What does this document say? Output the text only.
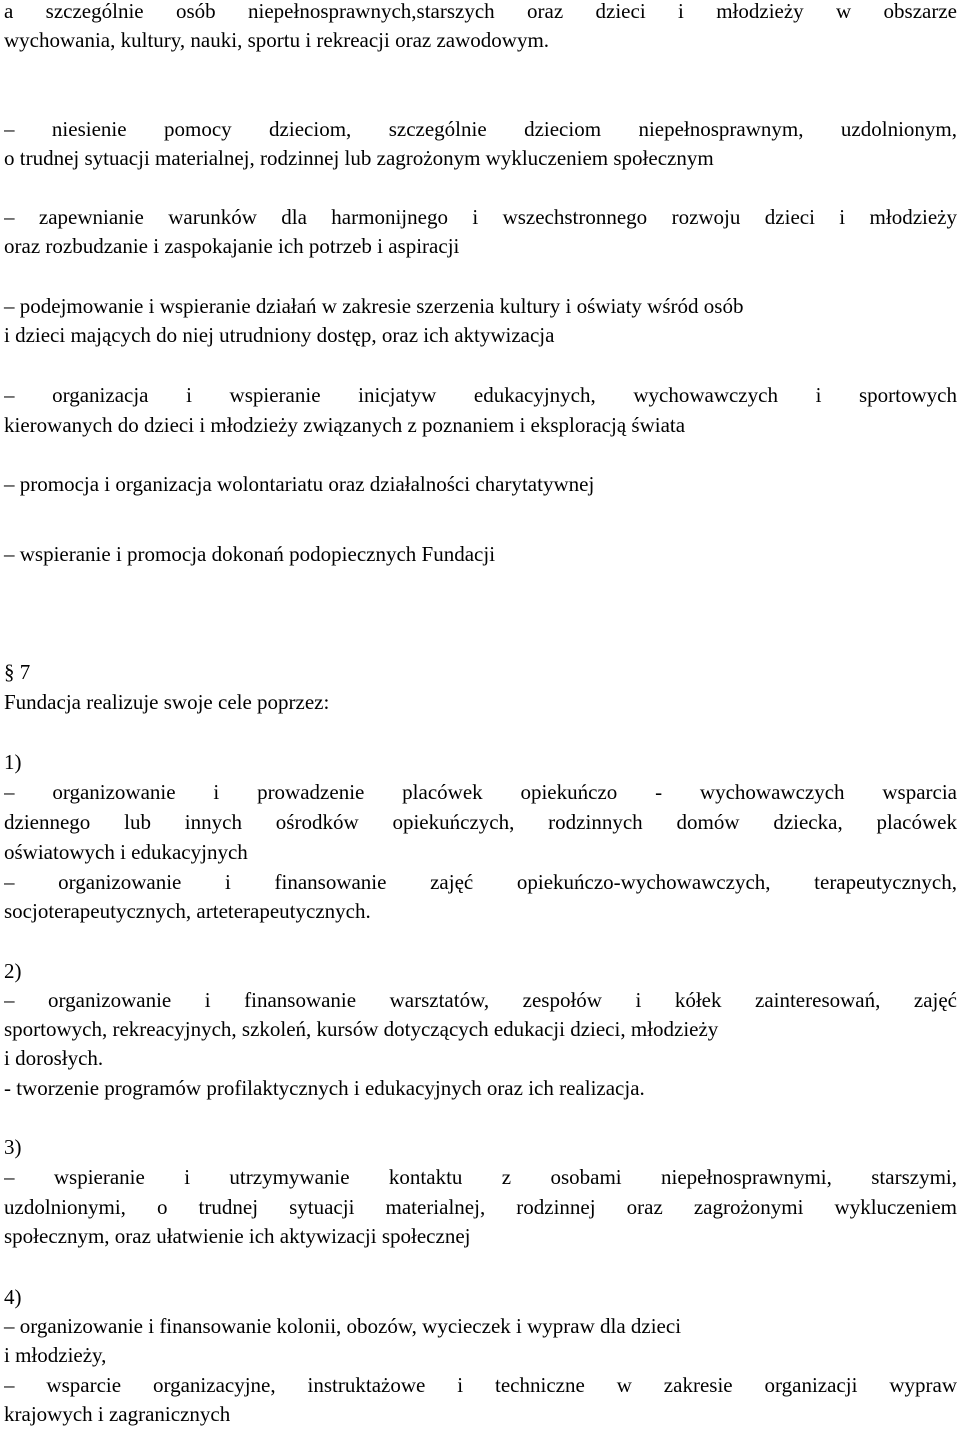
a szczególnie osób niepełnosprawnych,starszych oraz dzieci i młodzieży w obszarze
wychowania, kultury, nauki, sportu i rekreacji oraz zawodowym.
– niesienie pomocy dzieciom, szczególnie dzieciom niepełnosprawnym, uzdolnionym,
o trudnej sytuacji materialnej, rodzinnej lub zagrożonym wykluczeniem społecznym
– zapewnianie warunków dla harmonijnego i wszechstronnego rozwoju dzieci i młodzieży
oraz rozbudzanie i zaspokajanie ich potrzeb i aspiracji
– podejmowanie i wspieranie działań w zakresie szerzenia kultury i oświaty wśród osób
i dzieci mających do niej utrudniony dostęp, oraz ich aktywizacja
– organizacja i wspieranie inicjatyw edukacyjnych, wychowawczych i sportowych
kierowanych do dzieci i młodzieży związanych z poznaniem i eksploracją świata
– promocja i organizacja wolontariatu oraz działalności charytatywnej
– wspieranie i promocja dokonań podopiecznych Fundacji
§ 7
Fundacja realizuje swoje cele poprzez:
1)
– organizowanie i prowadzenie placówek opiekuńczo - wychowawczych wsparcia
dziennego lub innych ośrodków opiekuńczych, rodzinnych domów dziecka, placówek
oświatowych i edukacyjnych
– organizowanie i finansowanie zajęć opiekuńczo-wychowawczych, terapeutycznych,
socjoterapeutycznych, arteterapeutycznych.
2)
– organizowanie i finansowanie warsztatów, zespołów i kółek zainteresowań, zajęć
sportowych, rekreacyjnych, szkoleń, kursów dotyczących edukacji dzieci, młodzieży
i dorosłych.
- tworzenie programów profilaktycznych i edukacyjnych oraz ich realizacja.
3)
– wspieranie i utrzymywanie kontaktu z osobami niepełnosprawnymi, starszymi,
uzdolnionymi, o trudnej sytuacji materialnej, rodzinnej oraz zagrożonymi wykluczeniem
społecznym, oraz ułatwienie ich aktywizacji społecznej
4)
– organizowanie i finansowanie kolonii, obozów, wycieczek i wypraw dla dzieci
i młodzieży,
– wsparcie organizacyjne, instruktażowe i techniczne w zakresie organizacji wypraw
krajowych i zagranicznych
